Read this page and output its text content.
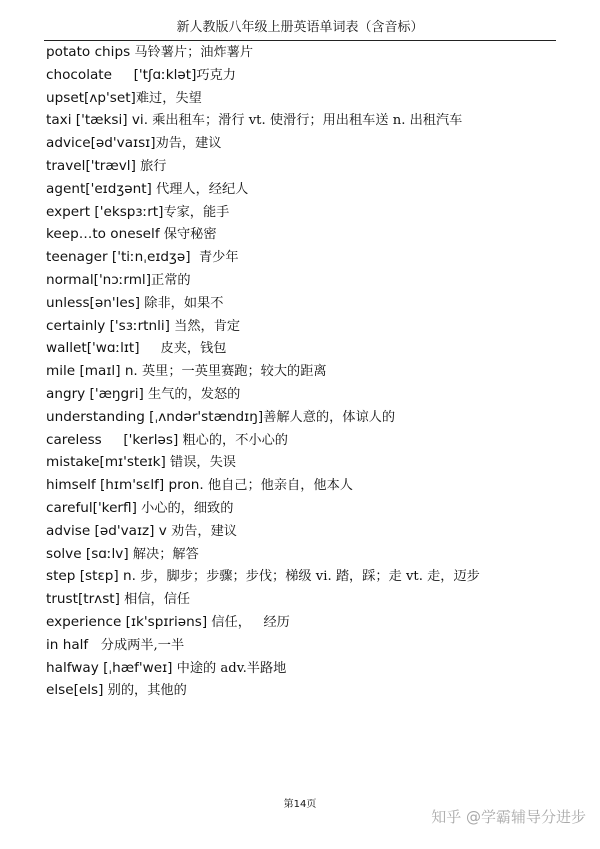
新人教版八年级上册英语单词表（含音标）
potato chips 马铃薯片；油炸薯片
chocolate     ['tʃɑːklət]巧克力
upset[ʌp'set]难过，失望
taxi ['tæksi] vi. 乘出租车；滑行 vt. 使滑行；用出租车送 n. 出租汽车
advice[əd'vaɪsɪ]劝告，建议
travel['trævl] 旅行
agent['eɪdʒənt] 代理人，经纪人
expert ['ekspɜːrt]专家，能手
keep…to oneself 保守秘密
teenager ['tiːnˌeɪdʒə]  青少年
normal['nɔːrml]正常的
unless[ən'les] 除非，如果不
certainly ['sɜːrtnli] 当然，肯定
wallet['wɑːlɪt]     皮夹，钱包
mile [maɪl] n. 英里；一英里赛跑；较大的距离
angry ['æŋgri] 生气的，发怒的
understanding [ˌʌndər'stændɪŋ]善解人意的，体谅人的
careless     ['kerləs] 粗心的，不小心的
mistake[mɪ'steɪk] 错误，失误
himself [hɪm'sɛlf] pron. 他自己；他亲自，他本人
careful['kerfl] 小心的，细致的
advise [əd'vaɪz] v 劝告，建议
solve [sɑːlv] 解决；解答
step [stɛp] n. 步，脚步；步骤；步伐；梯级 vi. 踏，踩；走 vt. 走，迈步
trust[trʌst] 相信，信任
experience [ɪk'spɪriəns] 信任，   经历
in half   分成两半,一半
halfway [ˌhæf'weɪ] 中途的 adv.半路地
else[els] 别的，其他的
第14页
知乎 @学霸辅导分进步
